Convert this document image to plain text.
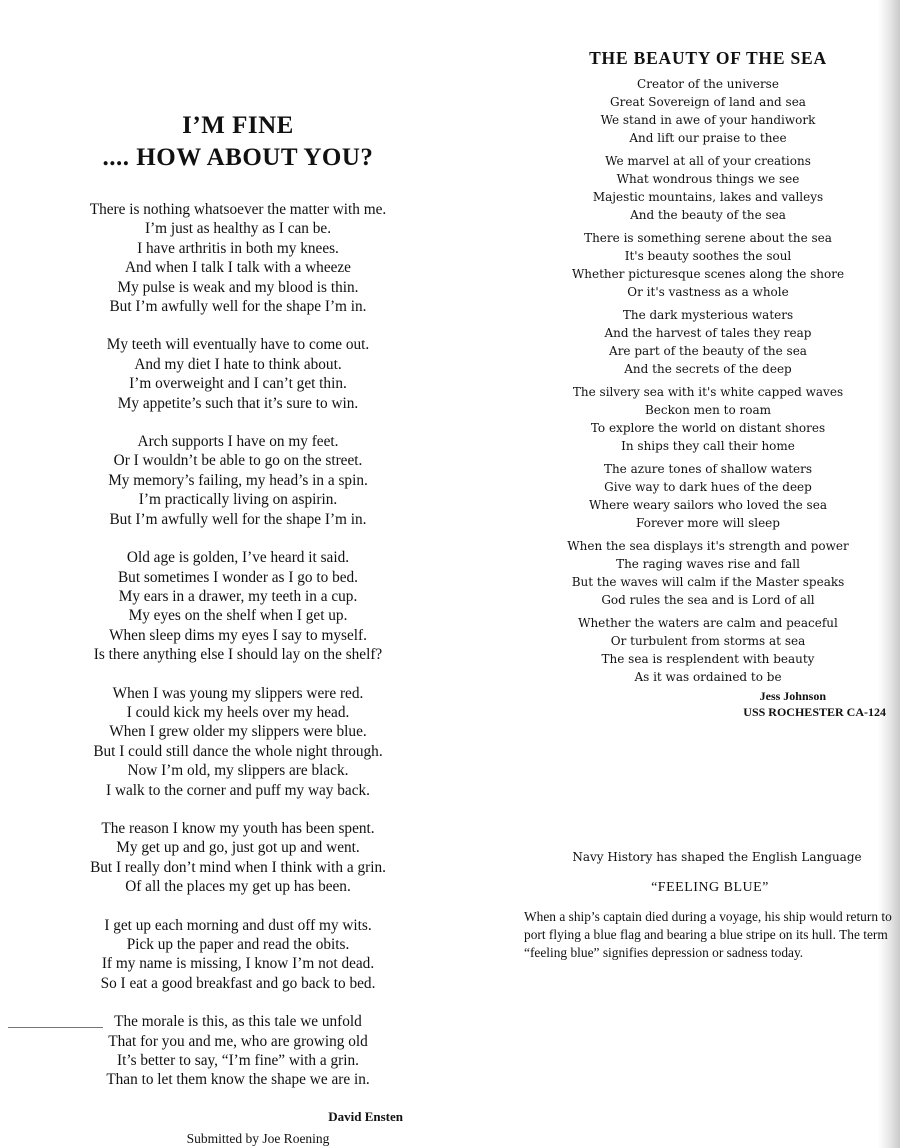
I’M FINE
.... HOW ABOUT YOU?
There is nothing whatsoever the matter with me.
I’m just as healthy as I can be.
I have arthritis in both my knees.
And when I talk I talk with a wheeze
My pulse is weak and my blood is thin.
But I’m awfully well for the shape I’m in.
My teeth will eventually have to come out.
And my diet I hate to think about.
I’m overweight and I can’t get thin.
My appetite’s such that it’s sure to win.
Arch supports I have on my feet.
Or I wouldn’t be able to go on the street.
My memory’s failing, my head’s in a spin.
I’m practically living on aspirin.
But I’m awfully well for the shape I’m in.
Old age is golden, I’ve heard it said.
But sometimes I wonder as I go to bed.
My ears in a drawer, my teeth in a cup.
My eyes on the shelf when I get up.
When sleep dims my eyes I say to myself.
Is there anything else I should lay on the shelf?
When I was young my slippers were red.
I could kick my heels over my head.
When I grew older my slippers were blue.
But I could still dance the whole night through.
Now I’m old, my slippers are black.
I walk to the corner and puff my way back.
The reason I know my youth has been spent.
My get up and go, just got up and went.
But I really don’t mind when I think with a grin.
Of all the places my get up has been.
I get up each morning and dust off my wits.
Pick up the paper and read the obits.
If my name is missing, I know I’m not dead.
So I eat a good breakfast and go back to bed.
The morale is this, as this tale we unfold
That for you and me, who are growing old
It’s better to say, “I’m fine” with a grin.
Than to let them know the shape we are in.
David Ensten
Submitted by Joe Roening
THE BEAUTY OF THE SEA
Creator of the universe
Great Sovereign of land and sea
We stand in awe of your handiwork
And lift our praise to thee
We marvel at all of your creations
What wondrous things we see
Majestic mountains, lakes and valleys
And the beauty of the sea
There is something serene about the sea
It's beauty soothes the soul
Whether picturesque scenes along the shore
Or it's vastness as a whole
The dark mysterious waters
And the harvest of tales they reap
Are part of the beauty of the sea
And the secrets of the deep
The silvery sea with it's white capped waves
Beckon men to roam
To explore the world on distant shores
In ships they call their home
The azure tones of shallow waters
Give way to dark hues of the deep
Where weary sailors who loved the sea
Forever more will sleep
When the sea displays it's strength and power
The raging waves rise and fall
But the waves will calm if the Master speaks
God rules the sea and is Lord of all
Whether the waters are calm and peaceful
Or turbulent from storms at sea
The sea is resplendent with beauty
As it was ordained to be
Jess Johnson
USS ROCHESTER CA-124
Navy History has shaped the English Language
“FEELING BLUE”
When a ship’s captain died during a voyage, his ship would return to port flying a blue flag and bearing a blue stripe on its hull. The term “feeling blue” signifies depression or sadness today.
